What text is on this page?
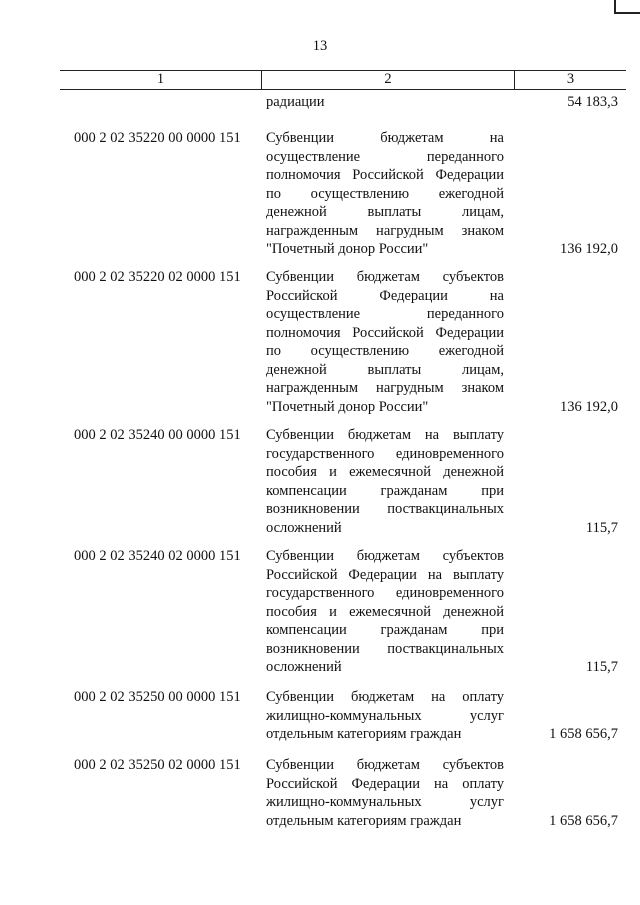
13
1	2	3
радиации	54 183,3
000 2 02 35220 00 0000 151	Субвенции бюджетам на
осуществление переданного
полномочия Российской Федерации
по осуществлению ежегодной
денежной выплаты лицам,
награжденным нагрудным знаком
"Почетный донор России"	136 192,0
000 2 02 35220 02 0000 151	Субвенции бюджетам субъектов
Российской Федерации на
осуществление переданного
полномочия Российской Федерации
по осуществлению ежегодной
денежной выплаты лицам,
награжденным нагрудным знаком
"Почетный донор России"	136 192,0
000 2 02 35240 00 0000 151	Субвенции бюджетам на выплату
государственного единовременного
пособия и ежемесячной денежной
компенсации гражданам при
возникновении поствакцинальных
осложнений	115,7
000 2 02 35240 02 0000 151	Субвенции бюджетам субъектов
Российской Федерации на выплату
государственного единовременного
пособия и ежемесячной денежной
компенсации гражданам при
возникновении поствакцинальных
осложнений	115,7
000 2 02 35250 00 0000 151	Субвенции бюджетам на оплату
жилищно-коммунальных услуг
отдельным категориям граждан	1 658 656,7
000 2 02 35250 02 0000 151	Субвенции бюджетам субъектов
Российской Федерации на оплату
жилищно-коммунальных услуг
отдельным категориям граждан	1 658 656,7
